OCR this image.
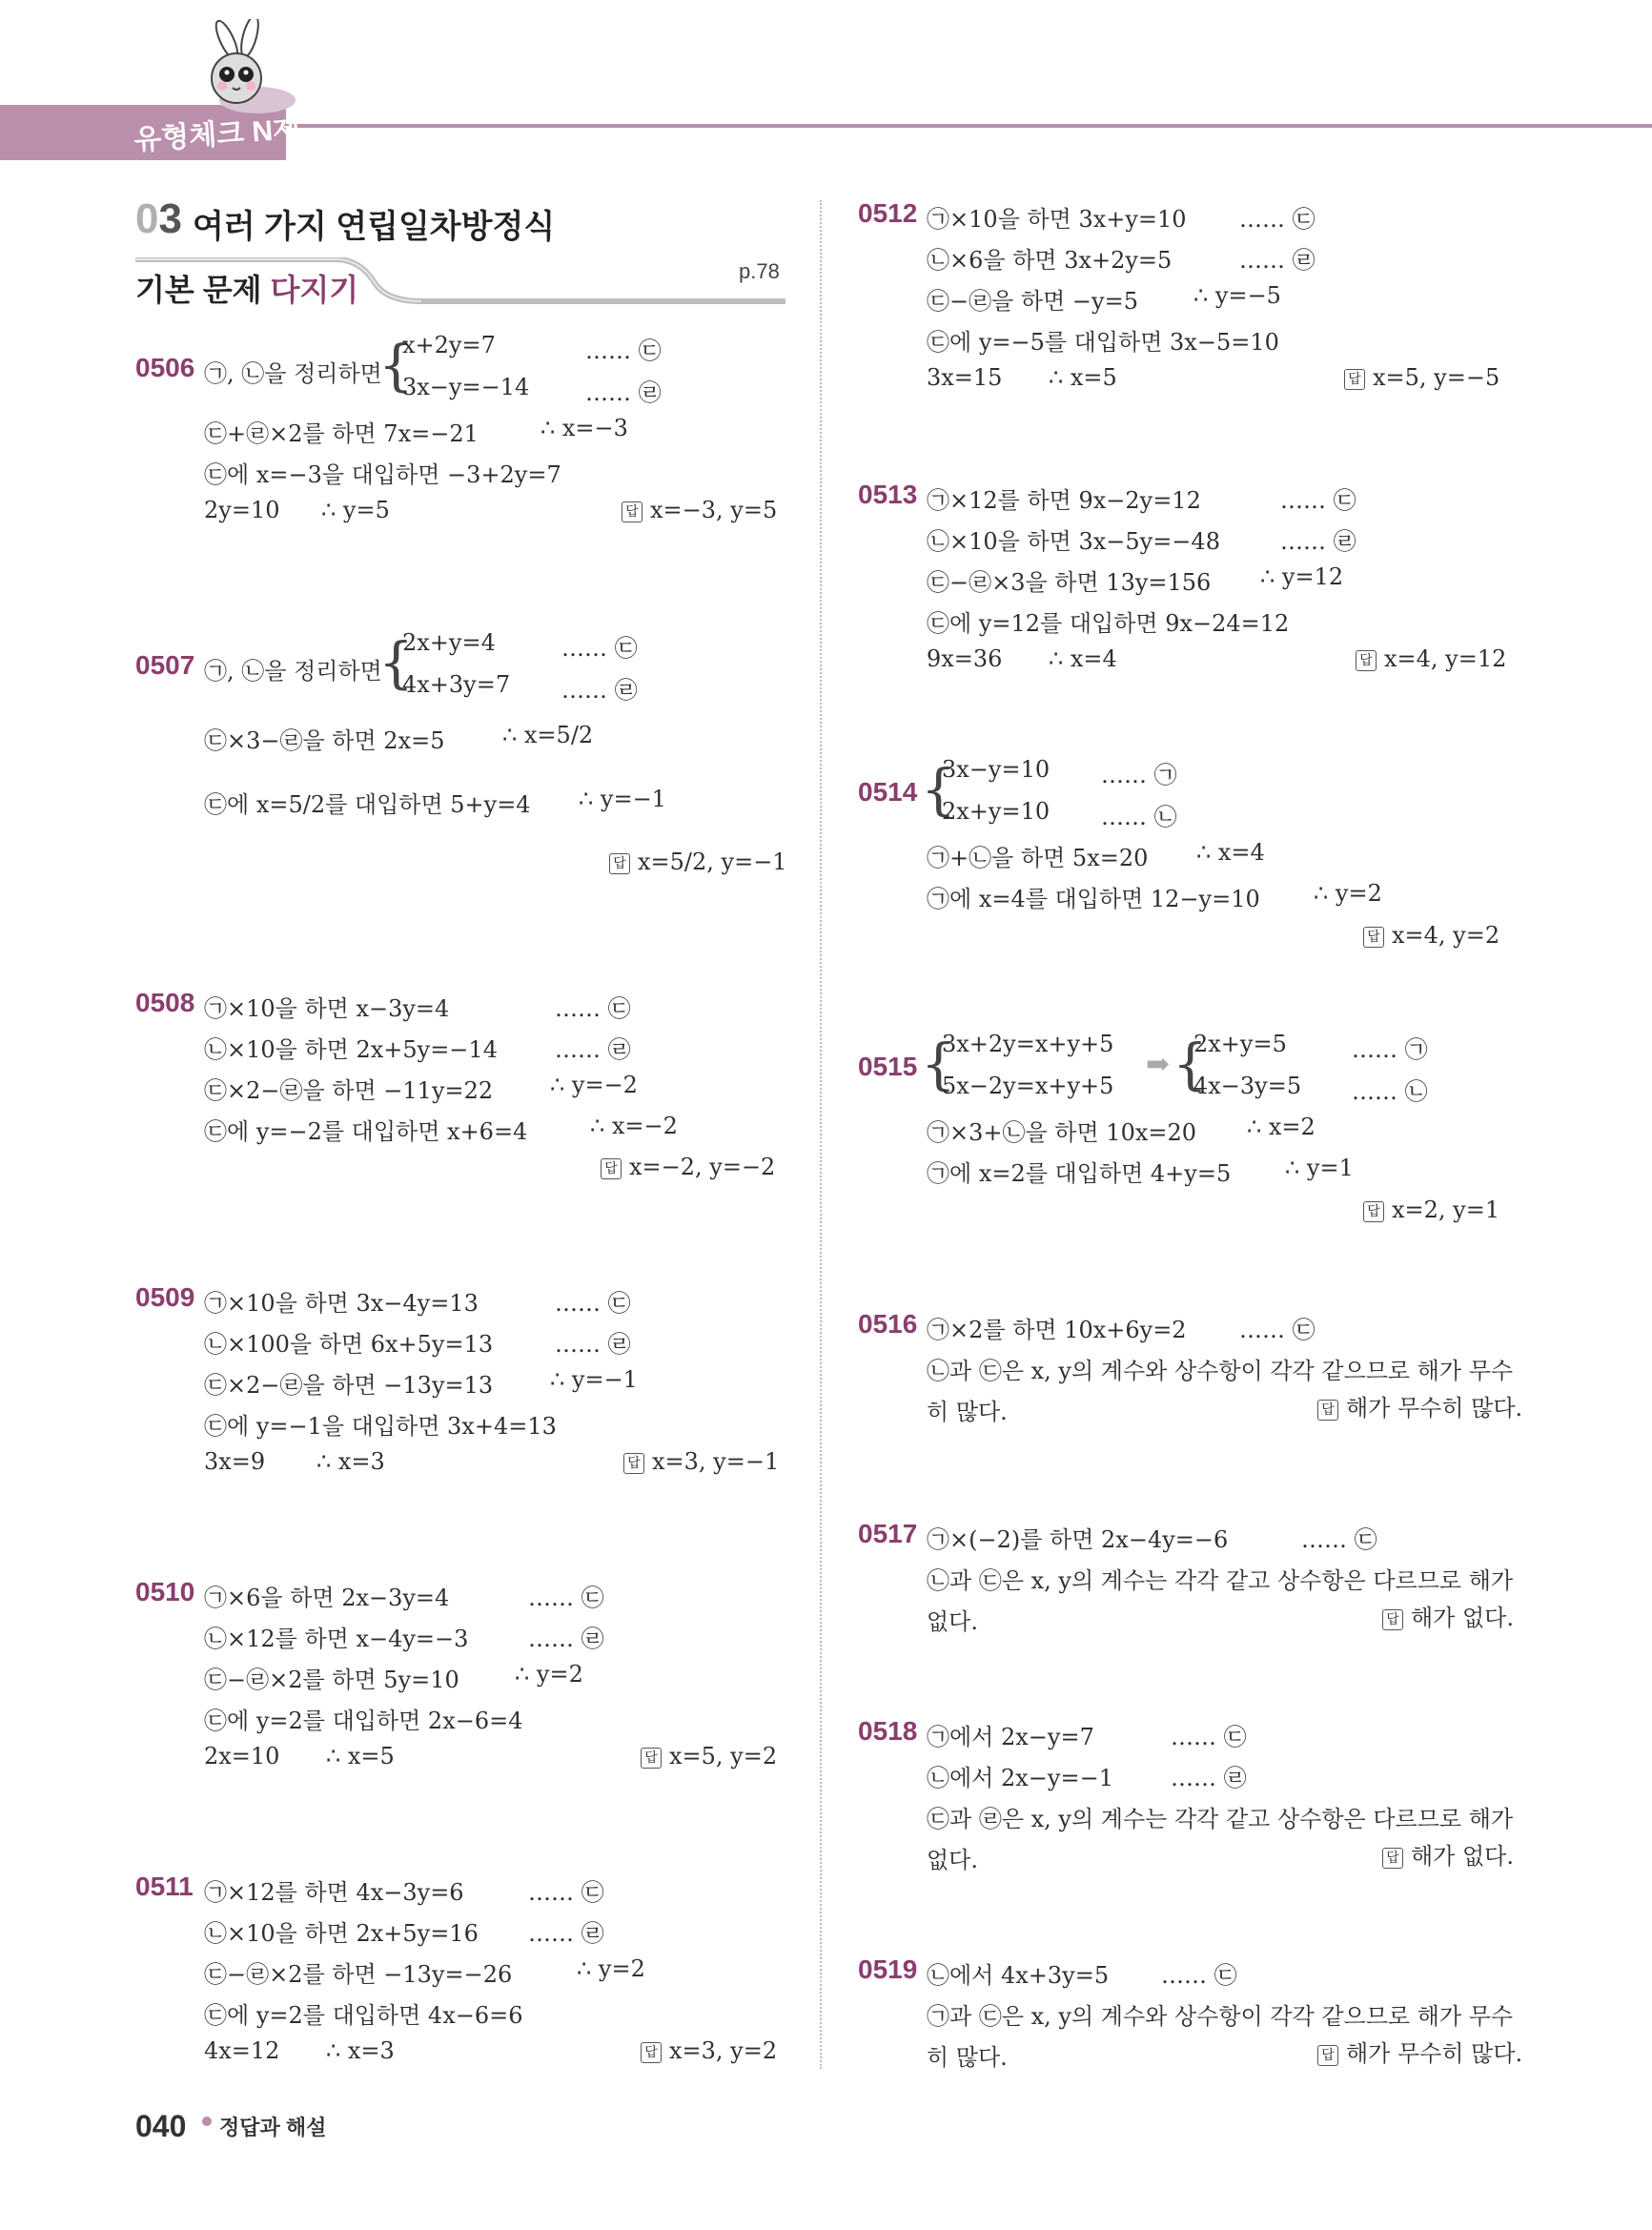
유형체크 N제
03 여러 가지 연립일차방정식
기본 문제 다지기
p.78
0506 ㉠, ㉡을 정리하면
{
x+2y=7	…… ㉢
3x−y=−14 …… ㉣
㉢+㉣×2를 하면 7x=−21	∴ x=−3
㉢에 x=−3을 대입하면 −3+2y=7
2y=10 ∴ y=5	답 x=−3, y=5
0507 ㉠, ㉡을 정리하면
{
2x+y=4	…… ㉢
4x+3y=7 …… ㉣
㉢×3−㉣을 하면 2x=5	∴ x=5/2
㉢에 x=5/2를 대입하면 5+y=4 ∴ y=−1
답 x=5/2, y=−1
0508 ㉠×10을 하면 x−3y=4	…… ㉢
㉡×10을 하면 2x+5y=−14	…… ㉣
㉢×2−㉣을 하면 −11y=22 ∴ y=−2
㉢에 y=−2를 대입하면 x+6=4	∴ x=−2
답 x=−2, y=−2
0509 ㉠×10을 하면 3x−4y=13	…… ㉢
㉡×100을 하면 6x+5y=13	…… ㉣
㉢×2−㉣을 하면 −13y=13 ∴ y=−1
㉢에 y=−1을 대입하면 3x+4=13
3x=9 ∴ x=3	답 x=3, y=−1
0510 ㉠×6을 하면 2x−3y=4	…… ㉢
㉡×12를 하면 x−4y=−3	…… ㉣
㉢−㉣×2를 하면 5y=10 ∴ y=2
㉢에 y=2를 대입하면 2x−6=4
2x=10 ∴ x=5	답 x=5, y=2
0511 ㉠×12를 하면 4x−3y=6	…… ㉢
㉡×10을 하면 2x+5y=16 …… ㉣
㉢−㉣×2를 하면 −13y=−26	∴ y=2
㉢에 y=2를 대입하면 4x−6=6
4x=12 ∴ x=3	답 x=3, y=2
0512 ㉠×10을 하면 3x+y=10 …… ㉢
㉡×6을 하면 3x+2y=5	…… ㉣
㉢−㉣을 하면 −y=5 ∴ y=−5
㉢에 y=−5를 대입하면 3x−5=10
3x=15 ∴ x=5	답 x=5, y=−5
0513 ㉠×12를 하면 9x−2y=12	…… ㉢
㉡×10을 하면 3x−5y=−48	…… ㉣
㉢−㉣×3을 하면 13y=156 ∴ y=12
㉢에 y=12를 대입하면 9x−24=12
9x=36 ∴ x=4	답 x=4, y=12
0514 {
3x−y=10 …… ㉠
2x+y=10 …… ㉡
㉠+㉡을 하면 5x=20 ∴ x=4
㉠에 x=4를 대입하면 12−y=10 ∴ y=2
답 x=4, y=2
0515 {
3x+2y=x+y+5
5x−2y=x+y+5
➡ {
2x+y=5	…… ㉠
4x−3y=5 …… ㉡
㉠×3+㉡을 하면 10x=20 ∴ x=2
㉠에 x=2를 대입하면 4+y=5 ∴ y=1
답 x=2, y=1
0516 ㉠×2를 하면 10x+6y=2 …… ㉢
㉡과 ㉢은 x, y의 계수와 상수항이 각각 같으므로 해가 무수
히 많다.	답 해가 무수히 많다.
0517 ㉠×(−2)를 하면 2x−4y=−6	…… ㉢
㉡과 ㉢은 x, y의 계수는 각각 같고 상수항은 다르므로 해가
없다.	답 해가 없다.
0518 ㉠에서 2x−y=7	…… ㉢
㉡에서 2x−y=−1	…… ㉣
㉢과 ㉣은 x, y의 계수는 각각 같고 상수항은 다르므로 해가
없다.	답 해가 없다.
0519 ㉡에서 4x+3y=5 …… ㉢
㉠과 ㉢은 x, y의 계수와 상수항이 각각 같으므로 해가 무수
히 많다.	답 해가 무수히 많다.
040 정답과 해설
